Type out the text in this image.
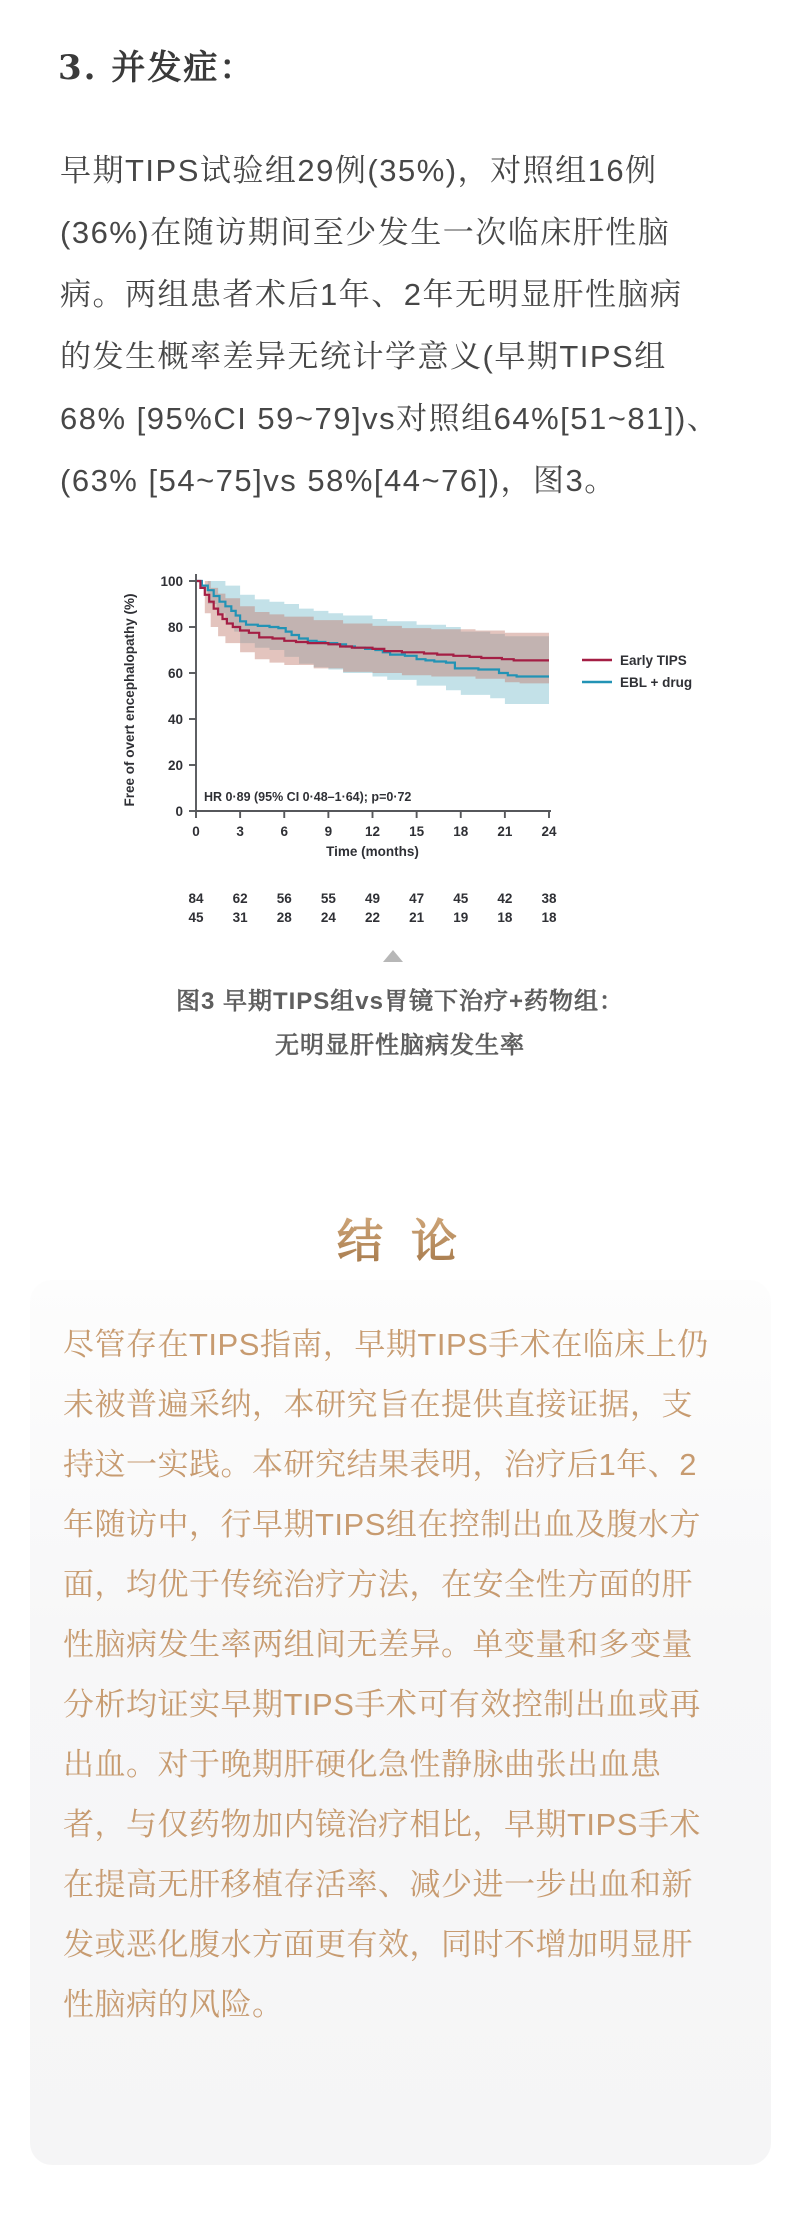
3. 并发症：
早期TIPS试验组29例(35%)，对照组16例
(36%)在随访期间至少发生一次临床肝性脑
病。两组患者术后1年、2年无明显肝性脑病
的发生概率差异无统计学意义(早期TIPS组
68% [95%CI 59~79]vs对照组64%[51~81])、
(63% [54~75]vs 58%[44~76])，图3。
0
20
40
60
80
100
0	3	6	9 12 15 18 21 24
Time (months)
Free of overt encephalopathy (%)	HR 0·89 (95% CI 0·48–1·64); p=0·72
Early TIPS
EBL + drug
84 62 56 55 49 47 45 42 38
45 31 28 24 22 21 19 18 18
图3 早期TIPS组vs胃镜下治疗+药物组：
无明显肝性脑病发生率
结 论
尽管存在TIPS指南，早期TIPS手术在临床上仍
未被普遍采纳，本研究旨在提供直接证据，支
持这一实践。本研究结果表明，治疗后1年、2
年随访中，行早期TIPS组在控制出血及腹水方
面，均优于传统治疗方法，在安全性方面的肝
性脑病发生率两组间无差异。单变量和多变量
分析均证实早期TIPS手术可有效控制出血或再
出血。对于晚期肝硬化急性静脉曲张出血患
者，与仅药物加内镜治疗相比，早期TIPS手术
在提高无肝移植存活率、减少进一步出血和新
发或恶化腹水方面更有效，同时不增加明显肝
性脑病的风险。
